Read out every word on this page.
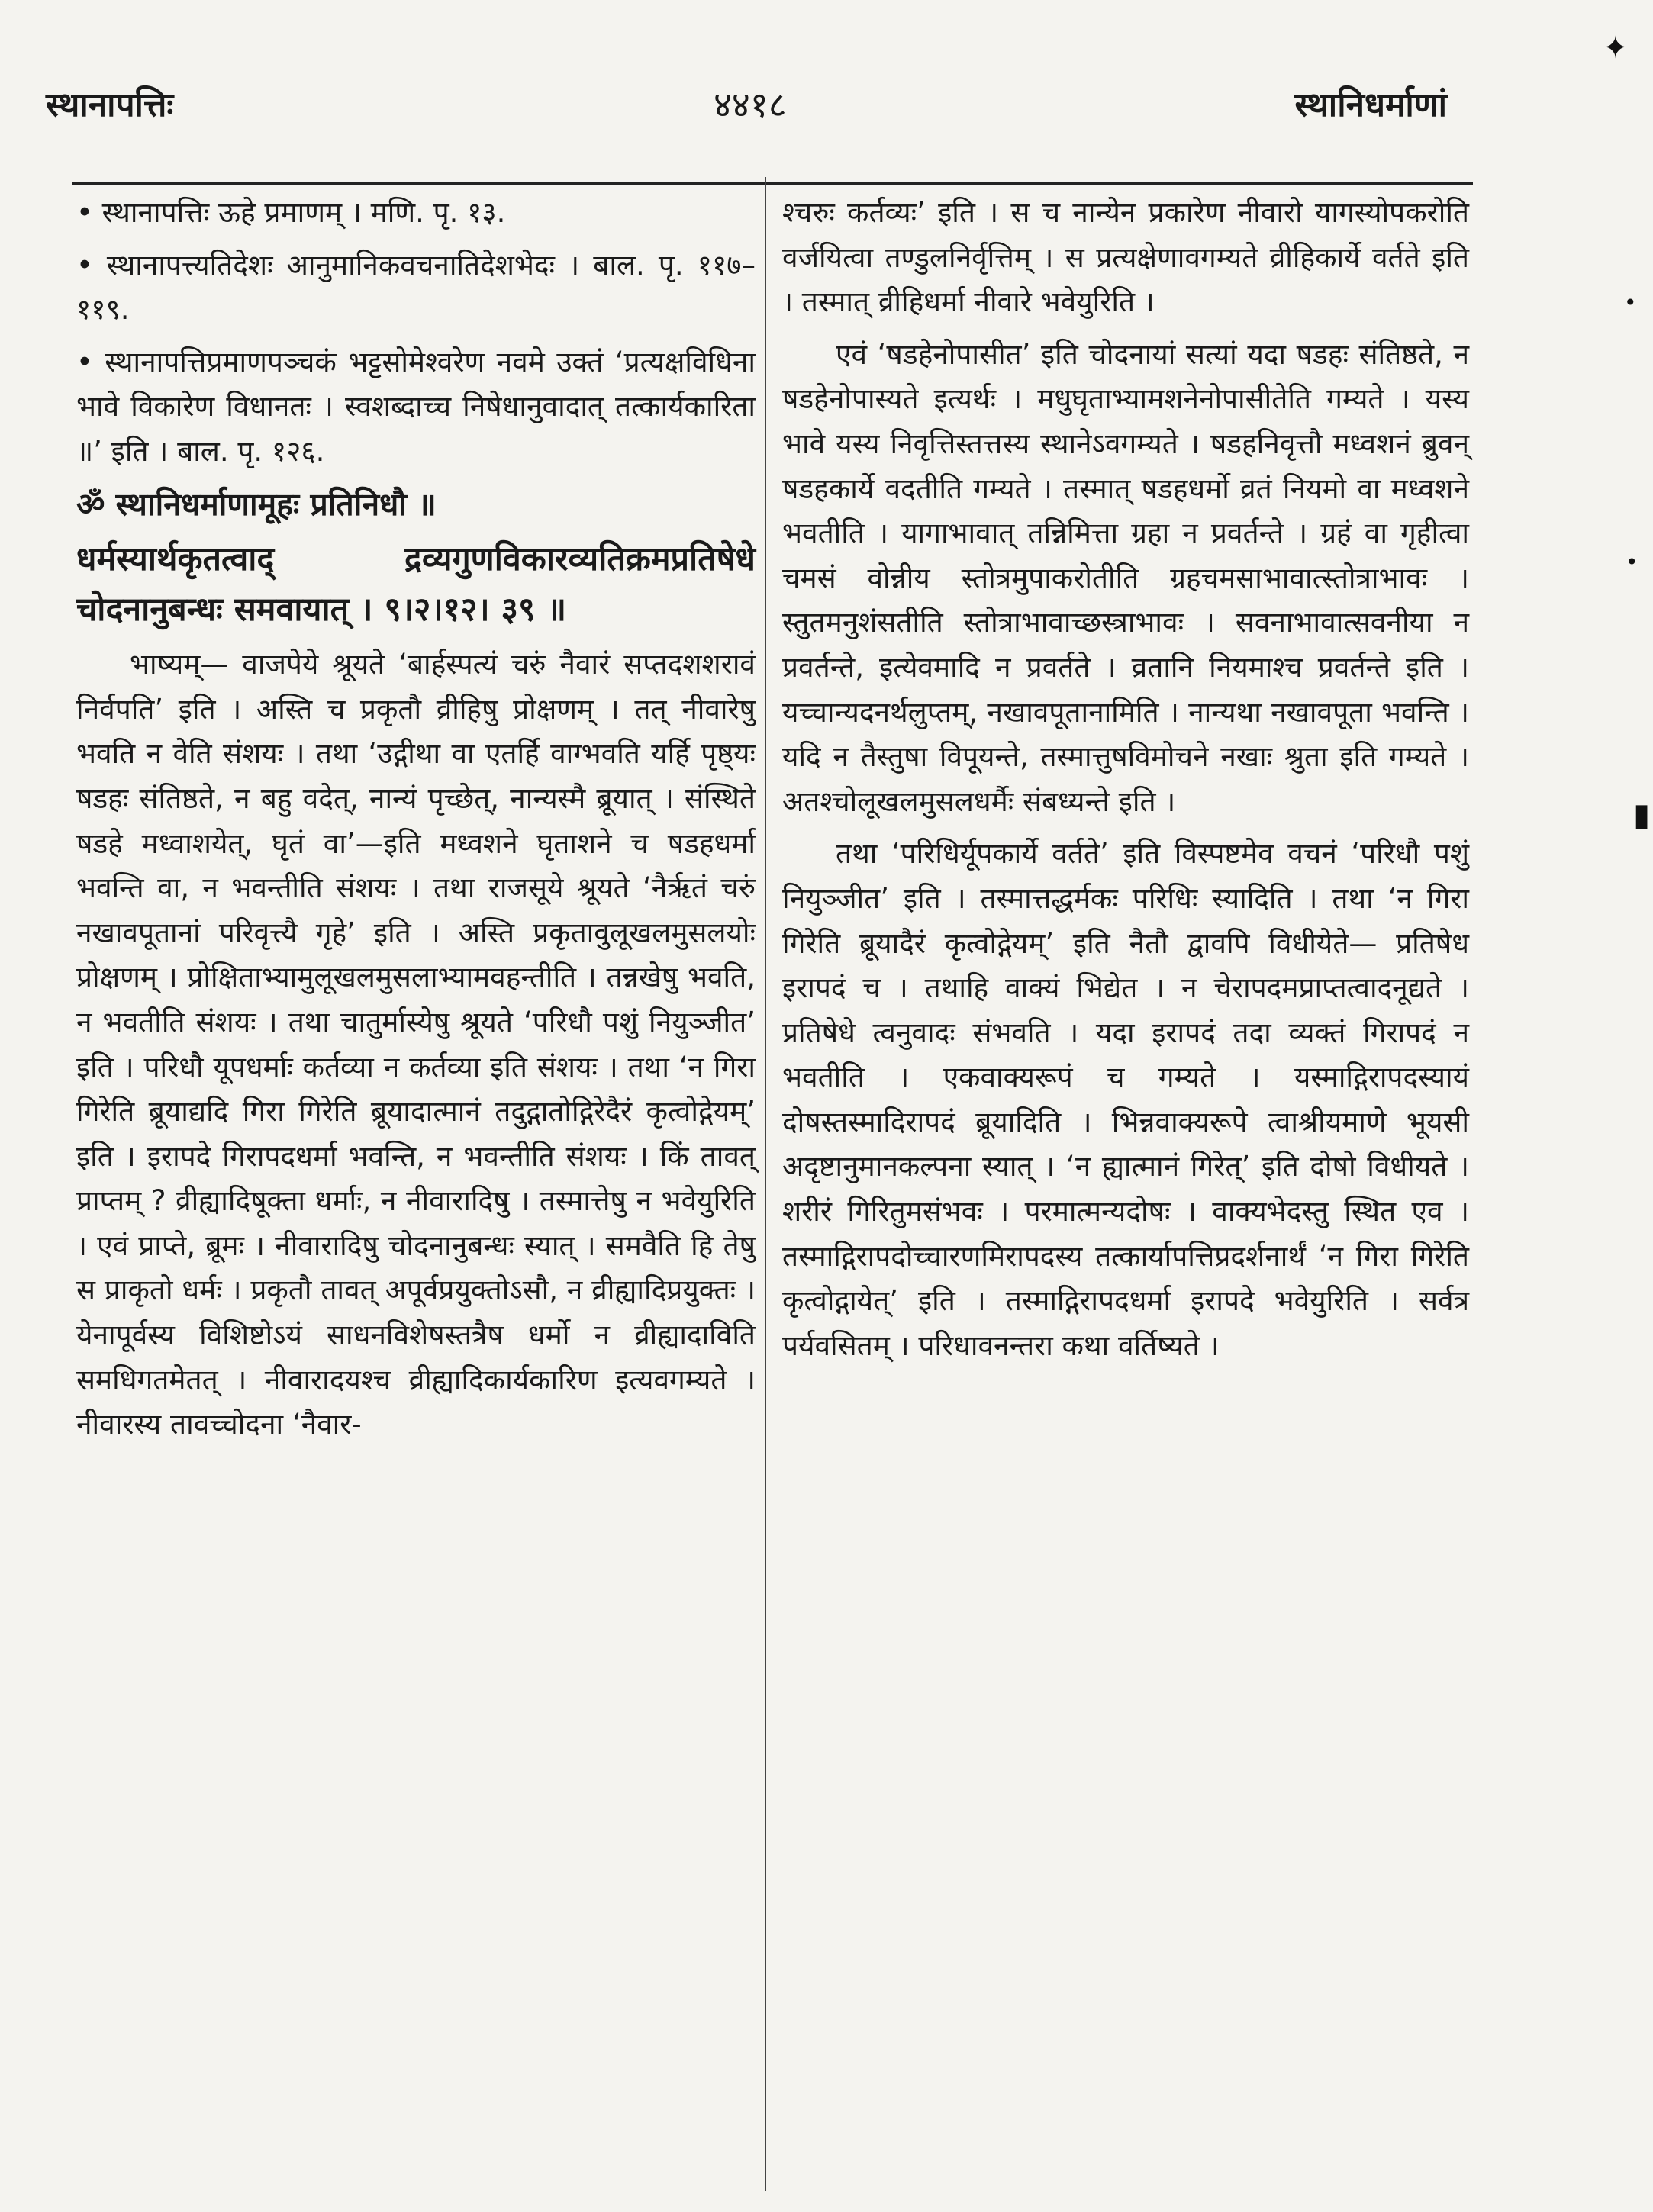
स्थानापत्तिः	४४१८	स्थानिधर्माणां

• स्थानापत्तिः ऊहे प्रमाणम् । मणि. पृ. १३.

• स्थानापत्त्यतिदेशः आनुमानिकवचनातिदेशभेदः । बाल. पृ. ११७–११९.

• स्थानापत्तिप्रमाणपञ्चकं भट्टसोमेश्वरेण नवमे उक्तं ‘प्रत्यक्षविधिना भावे विकारेण विधानतः । स्वशब्दाच्च निषेधानुवादात् तत्कार्यकारिता ॥’ इति । बाल. पृ. १२६.

ॐ स्थानिधर्माणामूहः प्रतिनिधौ ॥

धर्मस्यार्थकृतत्वाद् द्रव्यगुणविकारव्यतिक्रमप्रतिषेधे चोदनानुबन्धः समवायात् । ९।२।१२। ३९ ॥

भाष्यम्— वाजपेये श्रूयते ‘बार्हस्पत्यं चरुं नैवारं सप्तदशशरावं निर्वपति’ इति । अस्ति च प्रकृतौ व्रीहिषु प्रोक्षणम् । तत् नीवारेषु भवति न वेति संशयः । तथा ‘उद्गीथा वा एतर्हि वाग्भवति यर्हि पृष्ठ्यः षडहः संतिष्ठते, न बहु वदेत्, नान्यं पृच्छेत्, नान्यस्मै ब्रूयात् । संस्थिते षडहे मध्वाशयेत्, घृतं वा’—इति मध्वशने घृताशने च षडहधर्मा भवन्ति वा, न भवन्तीति संशयः । तथा राजसूये श्रूयते ‘नैर्ऋतं चरुं नखावपूतानां परिवृत्त्यै गृहे’ इति । अस्ति प्रकृतावुलूखलमुसलयोः प्रोक्षणम् । प्रोक्षिताभ्यामुलूखलमुसलाभ्यामवहन्तीति । तन्नखेषु भवति, न भवतीति संशयः । तथा चातुर्मास्येषु श्रूयते ‘परिधौ पशुं नियुञ्जीत’ इति । परिधौ यूपधर्माः कर्तव्या न कर्तव्या इति संशयः । तथा ‘न गिरा गिरेति ब्रूयाद्यदि गिरा गिरेति ब्रूयादात्मानं तदुद्गातोद्गिरेदैरं कृत्वोद्गेयम्’ इति । इरापदे गिरापदधर्मा भवन्ति, न भवन्तीति संशयः । किं तावत् प्राप्तम् ? व्रीह्यादिषूक्ता धर्माः, न नीवारादिषु । तस्मात्तेषु न भवेयुरिति । एवं प्राप्ते, ब्रूमः । नीवारादिषु चोदनानुबन्धः स्यात् । समवैति हि तेषु स प्राकृतो धर्मः । प्रकृतौ तावत् अपूर्वप्रयुक्तोऽसौ, न व्रीह्यादिप्रयुक्तः । येनापूर्वस्य विशिष्टोऽयं साधनविशेषस्तत्रैष धर्मो न व्रीह्यादाविति समधिगतमेतत् । नीवारादयश्च व्रीह्यादिकार्यकारिण इत्यवगम्यते । नीवारस्य तावच्चोदना ‘नैवार-

श्चरुः कर्तव्यः’ इति । स च नान्येन प्रकारेण नीवारो यागस्योपकरोति वर्जयित्वा तण्डुलनिर्वृत्तिम् । स प्रत्यक्षेणावगम्यते व्रीहिकार्ये वर्तते इति । तस्मात् व्रीहिधर्मा नीवारे भवेयुरिति ।

एवं ‘षडहेनोपासीत’ इति चोदनायां सत्यां यदा षडहः संतिष्ठते, न षडहेनोपास्यते इत्यर्थः । मधुघृताभ्यामशनेनोपासीतेति गम्यते । यस्य भावे यस्य निवृत्तिस्तत्तस्य स्थानेऽवगम्यते । षडहनिवृत्तौ मध्वशनं ब्रुवन् षडहकार्ये वदतीति गम्यते । तस्मात् षडहधर्मो व्रतं नियमो वा मध्वशने भवतीति । यागाभावात् तन्निमित्ता ग्रहा न प्रवर्तन्ते । ग्रहं वा गृहीत्वा चमसं वोन्नीय स्तोत्रमुपाकरोतीति ग्रहचमसाभावात्स्तोत्राभावः । स्तुतमनुशंसतीति स्तोत्राभावाच्छस्त्राभावः । सवनाभावात्सवनीया न प्रवर्तन्ते, इत्येवमादि न प्रवर्तते । व्रतानि नियमाश्च प्रवर्तन्ते इति । यच्चान्यदनर्थलुप्तम्, नखावपूतानामिति । नान्यथा नखावपूता भवन्ति । यदि न तैस्तुषा विपूयन्ते, तस्मात्तुषविमोचने नखाः श्रुता इति गम्यते । अतश्चोलूखलमुसलधर्मैः संबध्यन्ते इति ।

तथा ‘परिधिर्यूपकार्ये वर्तते’ इति विस्पष्टमेव वचनं ‘परिधौ पशुं नियुञ्जीत’ इति । तस्मात्तद्धर्मकः परिधिः स्यादिति । तथा ‘न गिरा गिरेति ब्रूयादैरं कृत्वोद्गेयम्’ इति नैतौ द्वावपि विधीयेते— प्रतिषेध इरापदं च । तथाहि वाक्यं भिद्येत । न चेरापदमप्राप्तत्वादनूद्यते । प्रतिषेधे त्वनुवादः संभवति । यदा इरापदं तदा व्यक्तं गिरापदं न भवतीति । एकवाक्यरूपं च गम्यते । यस्माद्गिरापदस्यायं दोषस्तस्मादिरापदं ब्रूयादिति । भिन्नवाक्यरूपे त्वाश्रीयमाणे भूयसी अदृष्टानुमानकल्पना स्यात् । ‘न ह्यात्मानं गिरेत्’ इति दोषो विधीयते । शरीरं गिरितुमसंभवः । परमात्मन्यदोषः । वाक्यभेदस्तु स्थित एव । तस्माद्गिरापदोच्चारणमिरापदस्य तत्कार्यापत्तिप्रदर्शनार्थं ‘न गिरा गिरेति कृत्वोद्गायेत्’ इति । तस्माद्गिरापदधर्मा इरापदे भवेयुरिति । सर्वत्र पर्यवसितम् । परिधावनन्तरा कथा वर्तिष्यते ।

✦
•
•
▮
